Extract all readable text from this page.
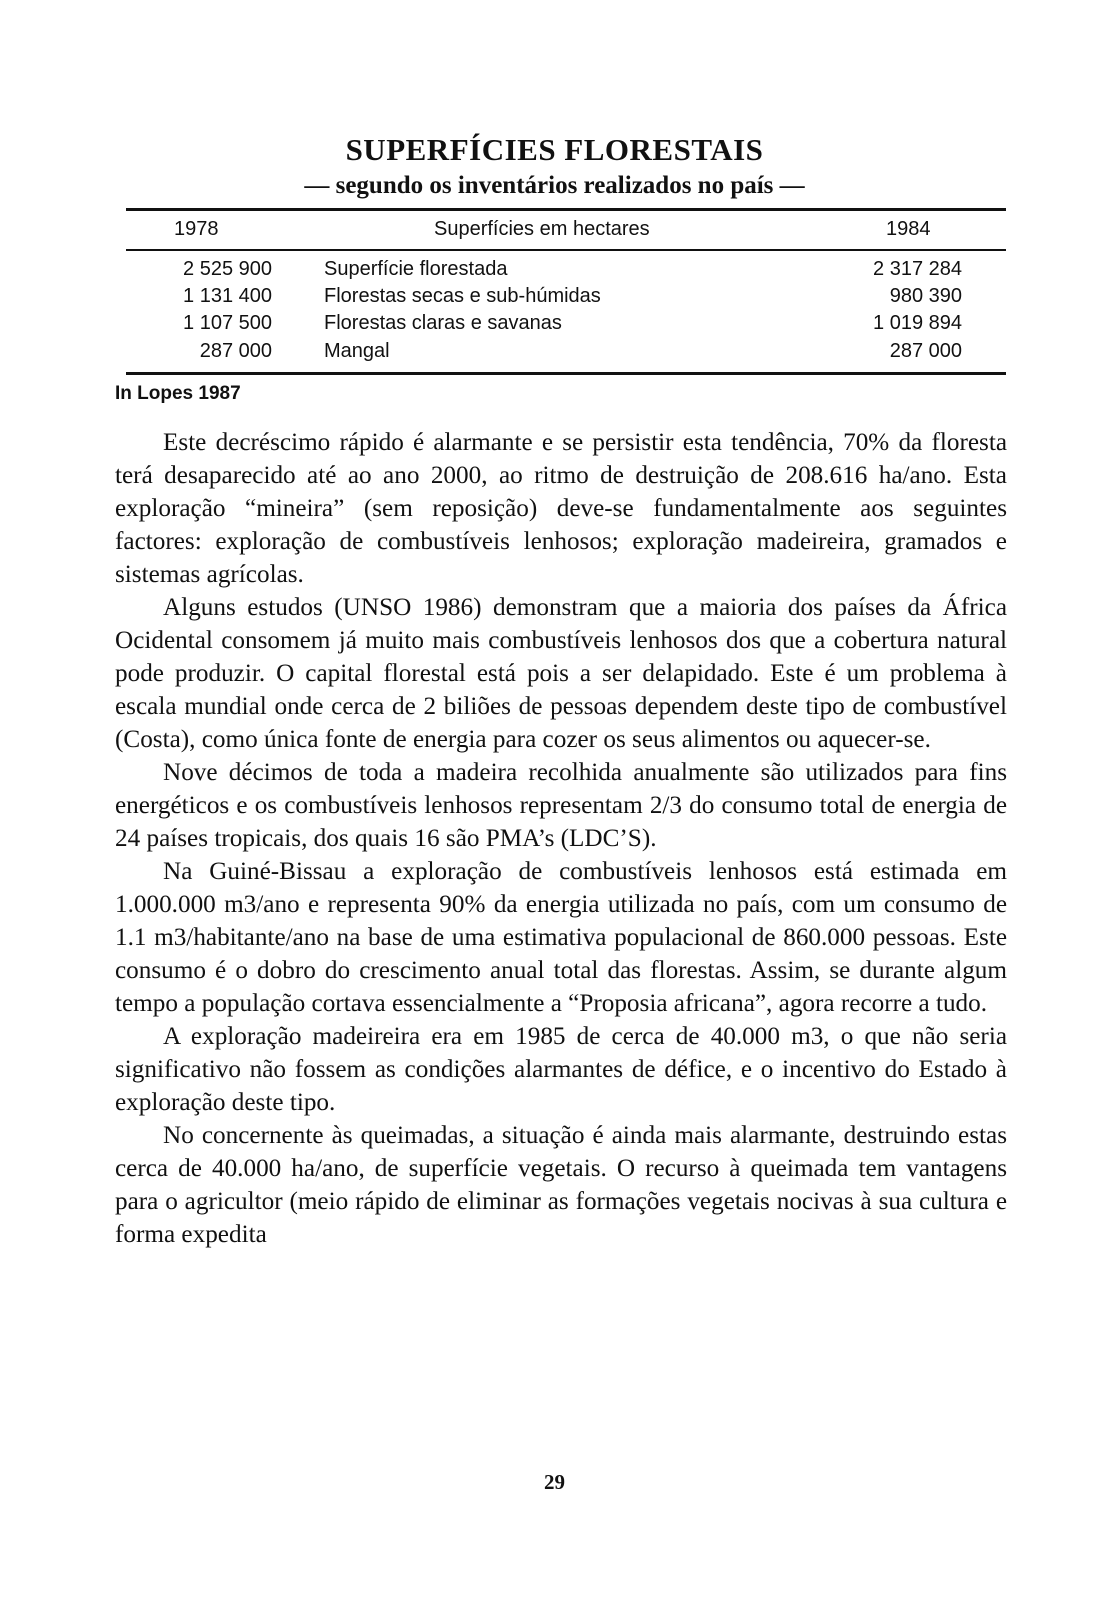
SUPERFÍCIES FLORESTAIS
— segundo os inventários realizados no país —
1978	Superfícies em hectares	1984
2 525 900	Superfície florestada	2 317 284
1 131 400	Florestas secas e sub-húmidas	980 390
1 107 500	Florestas claras e savanas	1 019 894
287 000	Mangal	287 000
In Lopes 1987

Este decréscimo rápido é alarmante e se persistir esta tendência, 70% da floresta terá desaparecido até ao ano 2000, ao ritmo de destruição de 208.616 ha/ano. Esta exploração “mineira” (sem reposição) deve-se fundamentalmente aos seguintes factores: exploração de combustíveis lenhosos; exploração madeireira, gramados e sistemas agrícolas.

Alguns estudos (UNSO 1986) demonstram que a maioria dos países da África Ocidental consomem já muito mais combustíveis lenhosos dos que a cobertura natural pode produzir. O capital florestal está pois a ser delapidado. Este é um problema à escala mundial onde cerca de 2 biliões de pessoas dependem deste tipo de combustível (Costa), como única fonte de energia para cozer os seus alimentos ou aquecer-se.

Nove décimos de toda a madeira recolhida anualmente são utilizados para fins energéticos e os combustíveis lenhosos representam 2/3 do consumo total de energia de 24 países tropicais, dos quais 16 são PMA’s (LDC’S).

Na Guiné-Bissau a exploração de combustíveis lenhosos está estimada em 1.000.000 m3/ano e representa 90% da energia utilizada no país, com um consumo de 1.1 m3/habitante/ano na base de uma estimativa populacional de 860.000 pessoas. Este consumo é o dobro do crescimento anual total das florestas. Assim, se durante algum tempo a população cortava essencialmente a “Proposia africana”, agora recorre a tudo.

A exploração madeireira era em 1985 de cerca de 40.000 m3, o que não seria significativo não fossem as condições alarmantes de défice, e o incentivo do Estado à exploração deste tipo.

No concernente às queimadas, a situação é ainda mais alarmante, destruindo estas cerca de 40.000 ha/ano, de superfície vegetais. O recurso à queimada tem vantagens para o agricultor (meio rápido de eliminar as formações vegetais nocivas à sua cultura e forma expedita

29
